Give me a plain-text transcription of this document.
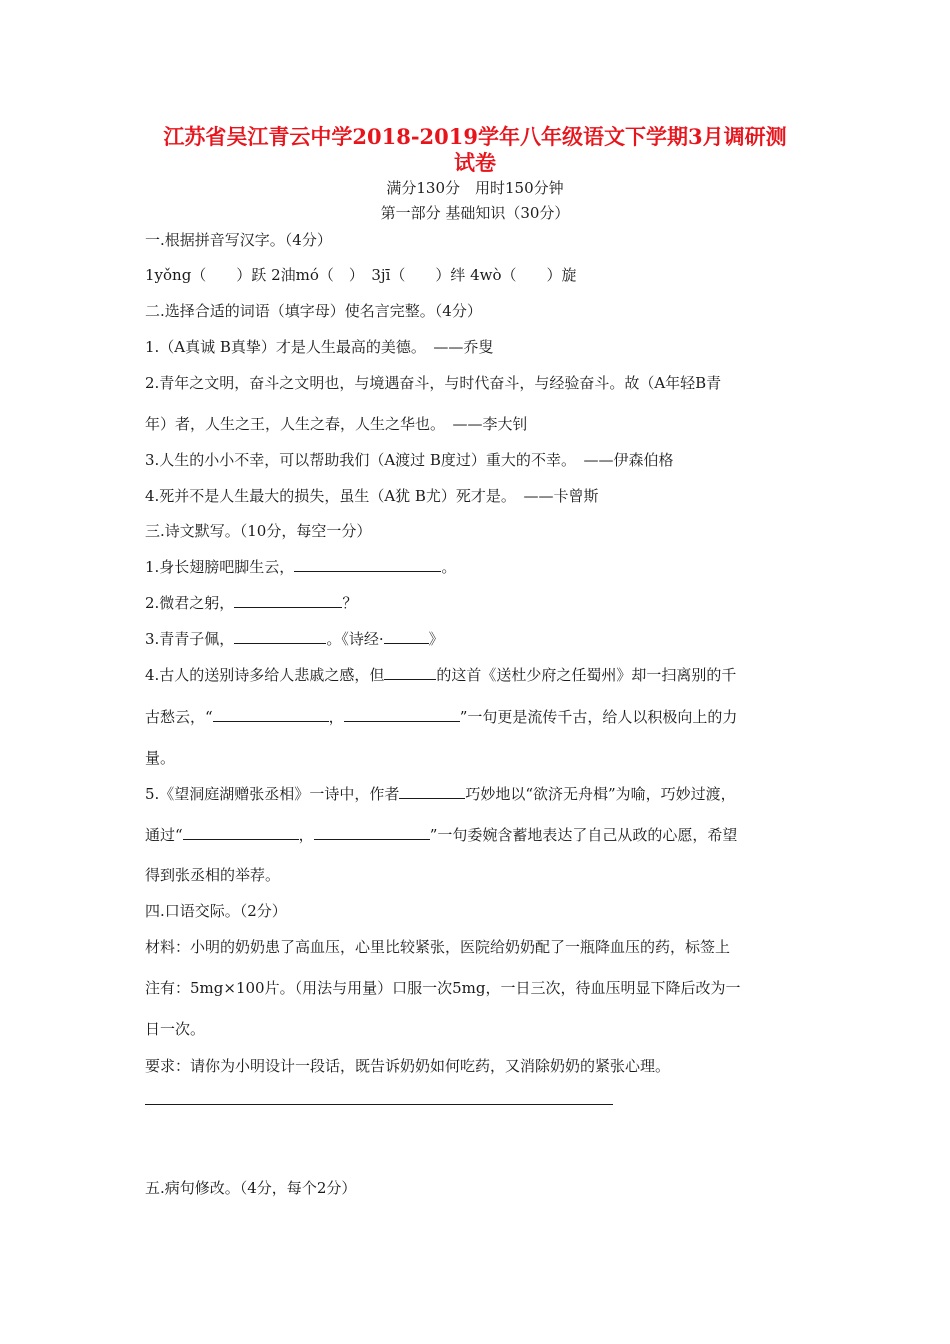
江苏省吴江青云中学2018-2019学年八年级语文下学期3月调研测
试卷
满分130分　用时150分钟
第一部分 基础知识（30分）
一.根据拼音写汉字。（4分）
1yǒng（　　）跃 2油mó（　）　3jī（　　）绊 4wò（　　）旋
二.选择合适的词语（填字母）使名言完整。（4分）
1.（A真诚 B真挚）才是人生最高的美德。　——乔叟
2.青年之文明，奋斗之文明也，与境遇奋斗，与时代奋斗，与经验奋斗。故（A年轻B青
年）者，人生之王，人生之春，人生之华也。　——李大钊
3.人生的小小不幸，可以帮助我们（A渡过 B度过）重大的不幸。　——伊森伯格
4.死并不是人生最大的损失，虽生（A犹 B尤）死才是。　——卡曾斯
三.诗文默写。（10分，每空一分）
1.身长翅膀吧脚生云，	。
2.微君之躬，	？
3.青青子佩，	。《诗经·	》
4.古人的送别诗多给人悲戚之感，但	的这首《送杜少府之任蜀州》却一扫离别的千
古愁云，“	，	”一句更是流传千古，给人以积极向上的力
量。
5.《望洞庭湖赠张丞相》一诗中，作者	巧妙地以“欲济无舟楫”为喻，巧妙过渡，
通过“	，	”一句委婉含蓄地表达了自己从政的心愿，希望
得到张丞相的举荐。
四.口语交际。（2分）
材料：小明的奶奶患了高血压，心里比较紧张，医院给奶奶配了一瓶降血压的药，标签上
注有：5mg×100片。（用法与用量）口服一次5mg，一日三次，待血压明显下降后改为一
日一次。
要求：请你为小明设计一段话，既告诉奶奶如何吃药，又消除奶奶的紧张心理。
五.病句修改。（4分，每个2分）
